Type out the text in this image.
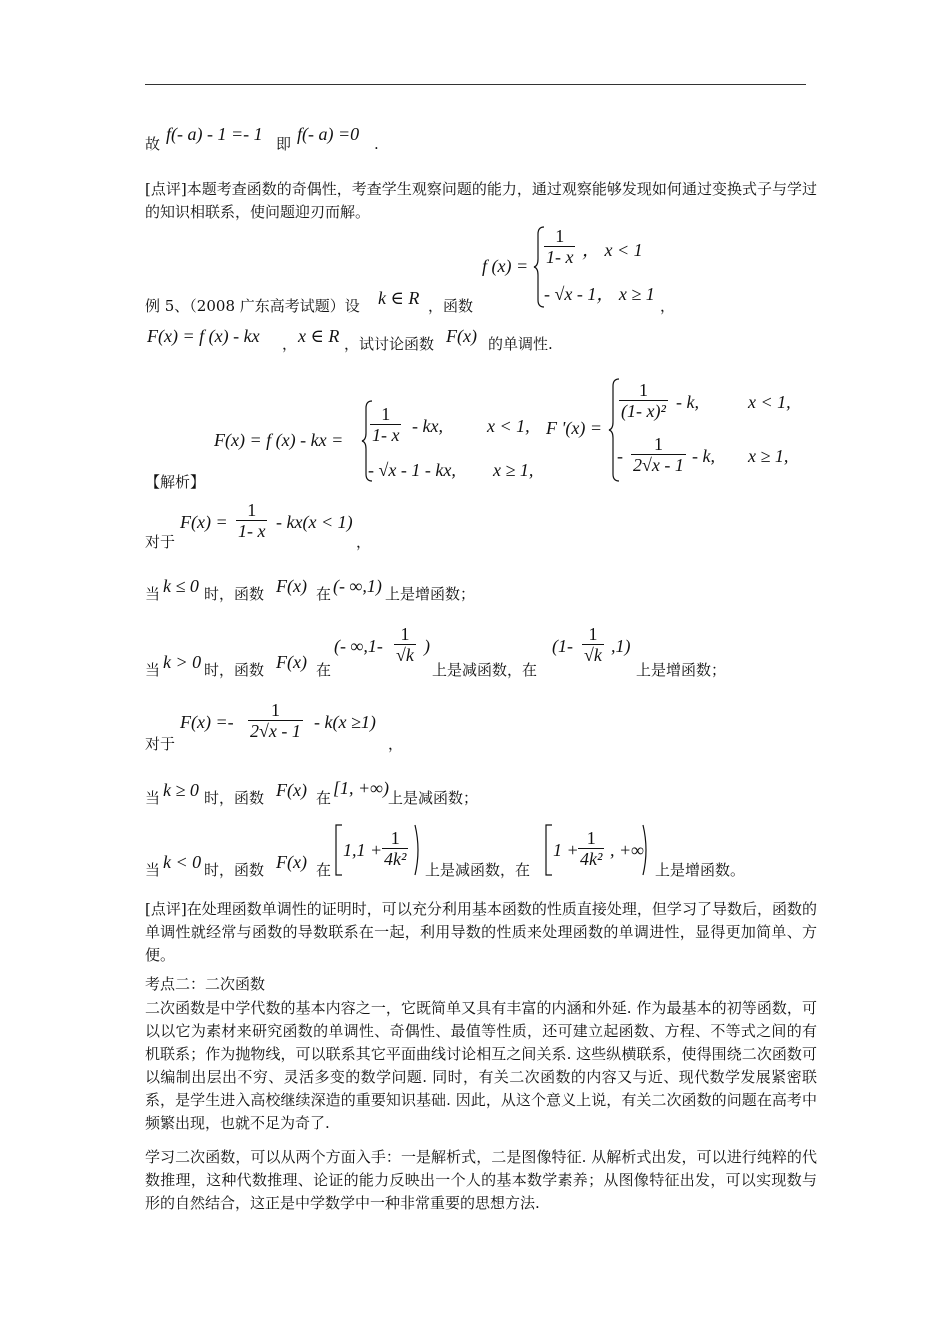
故 f(- a) - 1 =- 1 即 f(- a) =0 .
[点评]本题考查函数的奇偶性，考查学生观察问题的能力，通过观察能够发现如何通过变换式子与学过的知识相联系，使问题迎刃而解。
f $(x) = \frac{1}{1- x}$ ， x < 1
- √x - 1， x ≥ 1
例 5、（2008 广东高考试题）设 k ∈ R ，函数	，
F(x) = f (x) - kx ， x ∈ R ，试讨论函数 F(x) 的单调性.
F(x) = f (x) - kx = $\frac{1}{1- x}$ - kx, x < 1,
- √x - 1 - kx, x ≥ 1,
F '(x) =
$\frac{1}{\text{(1- x)²}}$ - k,	x < 1,
- $\frac{1}{2√x - 1}$ - k, x ≥ 1,
【解析】
对于
$F(x) = \frac{1}{1- x} - kx(x < 1)$
，
当 k ≤ 0 时，函数 F(x) 在 (- ∞,1) 上是增函数；
当 k > 0 时，函数 F(x) 在
(- $\infty,1- \frac{1}{√k}$ )
上是减函数，在
$(1- \frac{1}{√k} ,1)$
上是增函数；
对于
$F(x) =- \frac{1}{2√x - 1} - k(x \ge 1)$
，
当 k ≥ 0 时，函数 F(x) 在 [1, +∞) 上是减函数；
当 k < 0 时，函数 F(x) 在
$1,1 + \frac{1}{\text{4k²}}$
上是减函数，在
$1 + \frac{1}{\text{4k²}}$ , +∞
上是增函数。
[点评]在处理函数单调性的证明时，可以充分利用基本函数的性质直接处理，但学习了导数后，函数的单调性就经常与函数的导数联系在一起，利用导数的性质来处理函数的单调进性，显得更加简单、方便。
考点二：二次函数
二次函数是中学代数的基本内容之一，它既简单又具有丰富的内涵和外延. 作为最基本的初等函数，可以以它为素材来研究函数的单调性、奇偶性、最值等性质，还可建立起函数、方程、不等式之间的有机联系；作为抛物线，可以联系其它平面曲线讨论相互之间关系. 这些纵横联系，使得围绕二次函数可以编制出层出不穷、灵活多变的数学问题. 同时，有关二次函数的内容又与近、现代数学发展紧密联系，是学生进入高校继续深造的重要知识基础. 因此，从这个意义上说，有关二次函数的问题在高考中频繁出现，也就不足为奇了.
学习二次函数，可以从两个方面入手：一是解析式，二是图像特征. 从解析式出发，可以进行纯粹的代数推理，这种代数推理、论证的能力反映出一个人的基本数学素养；从图像特征出发，可以实现数与形的自然结合，这正是中学数学中一种非常重要的思想方法.
